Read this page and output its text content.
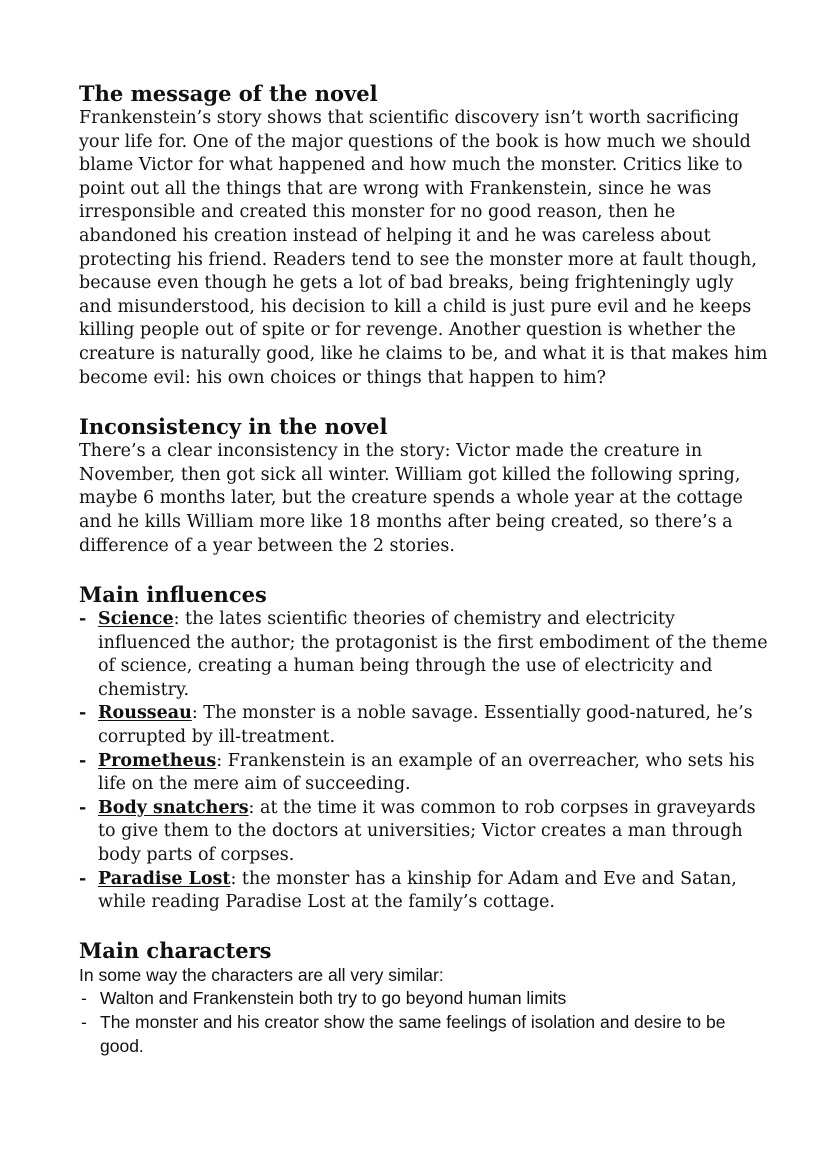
The message of the novel

Frankenstein’s story shows that scientific discovery isn’t worth sacrificing your life for. One of the major questions of the book is how much we should blame Victor for what happened and how much the monster. Critics like to point out all the things that are wrong with Frankenstein, since he was irresponsible and created this monster for no good reason, then he abandoned his creation instead of helping it and he was careless about protecting his friend. Readers tend to see the monster more at fault though, because even though he gets a lot of bad breaks, being frighteningly ugly and misunderstood, his decision to kill a child is just pure evil and he keeps killing people out of spite or for revenge. Another question is whether the creature is naturally good, like he claims to be, and what it is that makes him become evil: his own choices or things that happen to him?

Inconsistency in the novel

There’s a clear inconsistency in the story: Victor made the creature in November, then got sick all winter. William got killed the following spring, maybe 6 months later, but the creature spends a whole year at the cottage and he kills William more like 18 months after being created, so there’s a difference of a year between the 2 stories.

Main influences
- Science: the lates scientific theories of chemistry and electricity influenced the author; the protagonist is the first embodiment of the theme of science, creating a human being through the use of electricity and chemistry.
- Rousseau: The monster is a noble savage. Essentially good-natured, he’s corrupted by ill-treatment.
- Prometheus: Frankenstein is an example of an overreacher, who sets his life on the mere aim of succeeding.
- Body snatchers: at the time it was common to rob corpses in graveyards to give them to the doctors at universities; Victor creates a man through body parts of corpses.
- Paradise Lost: the monster has a kinship for Adam and Eve and Satan, while reading Paradise Lost at the family’s cottage.
Main characters

In some way the characters are all very similar:

- Walton and Frankenstein both try to go beyond human limits
- The monster and his creator show the same feelings of isolation and desire to be good.
